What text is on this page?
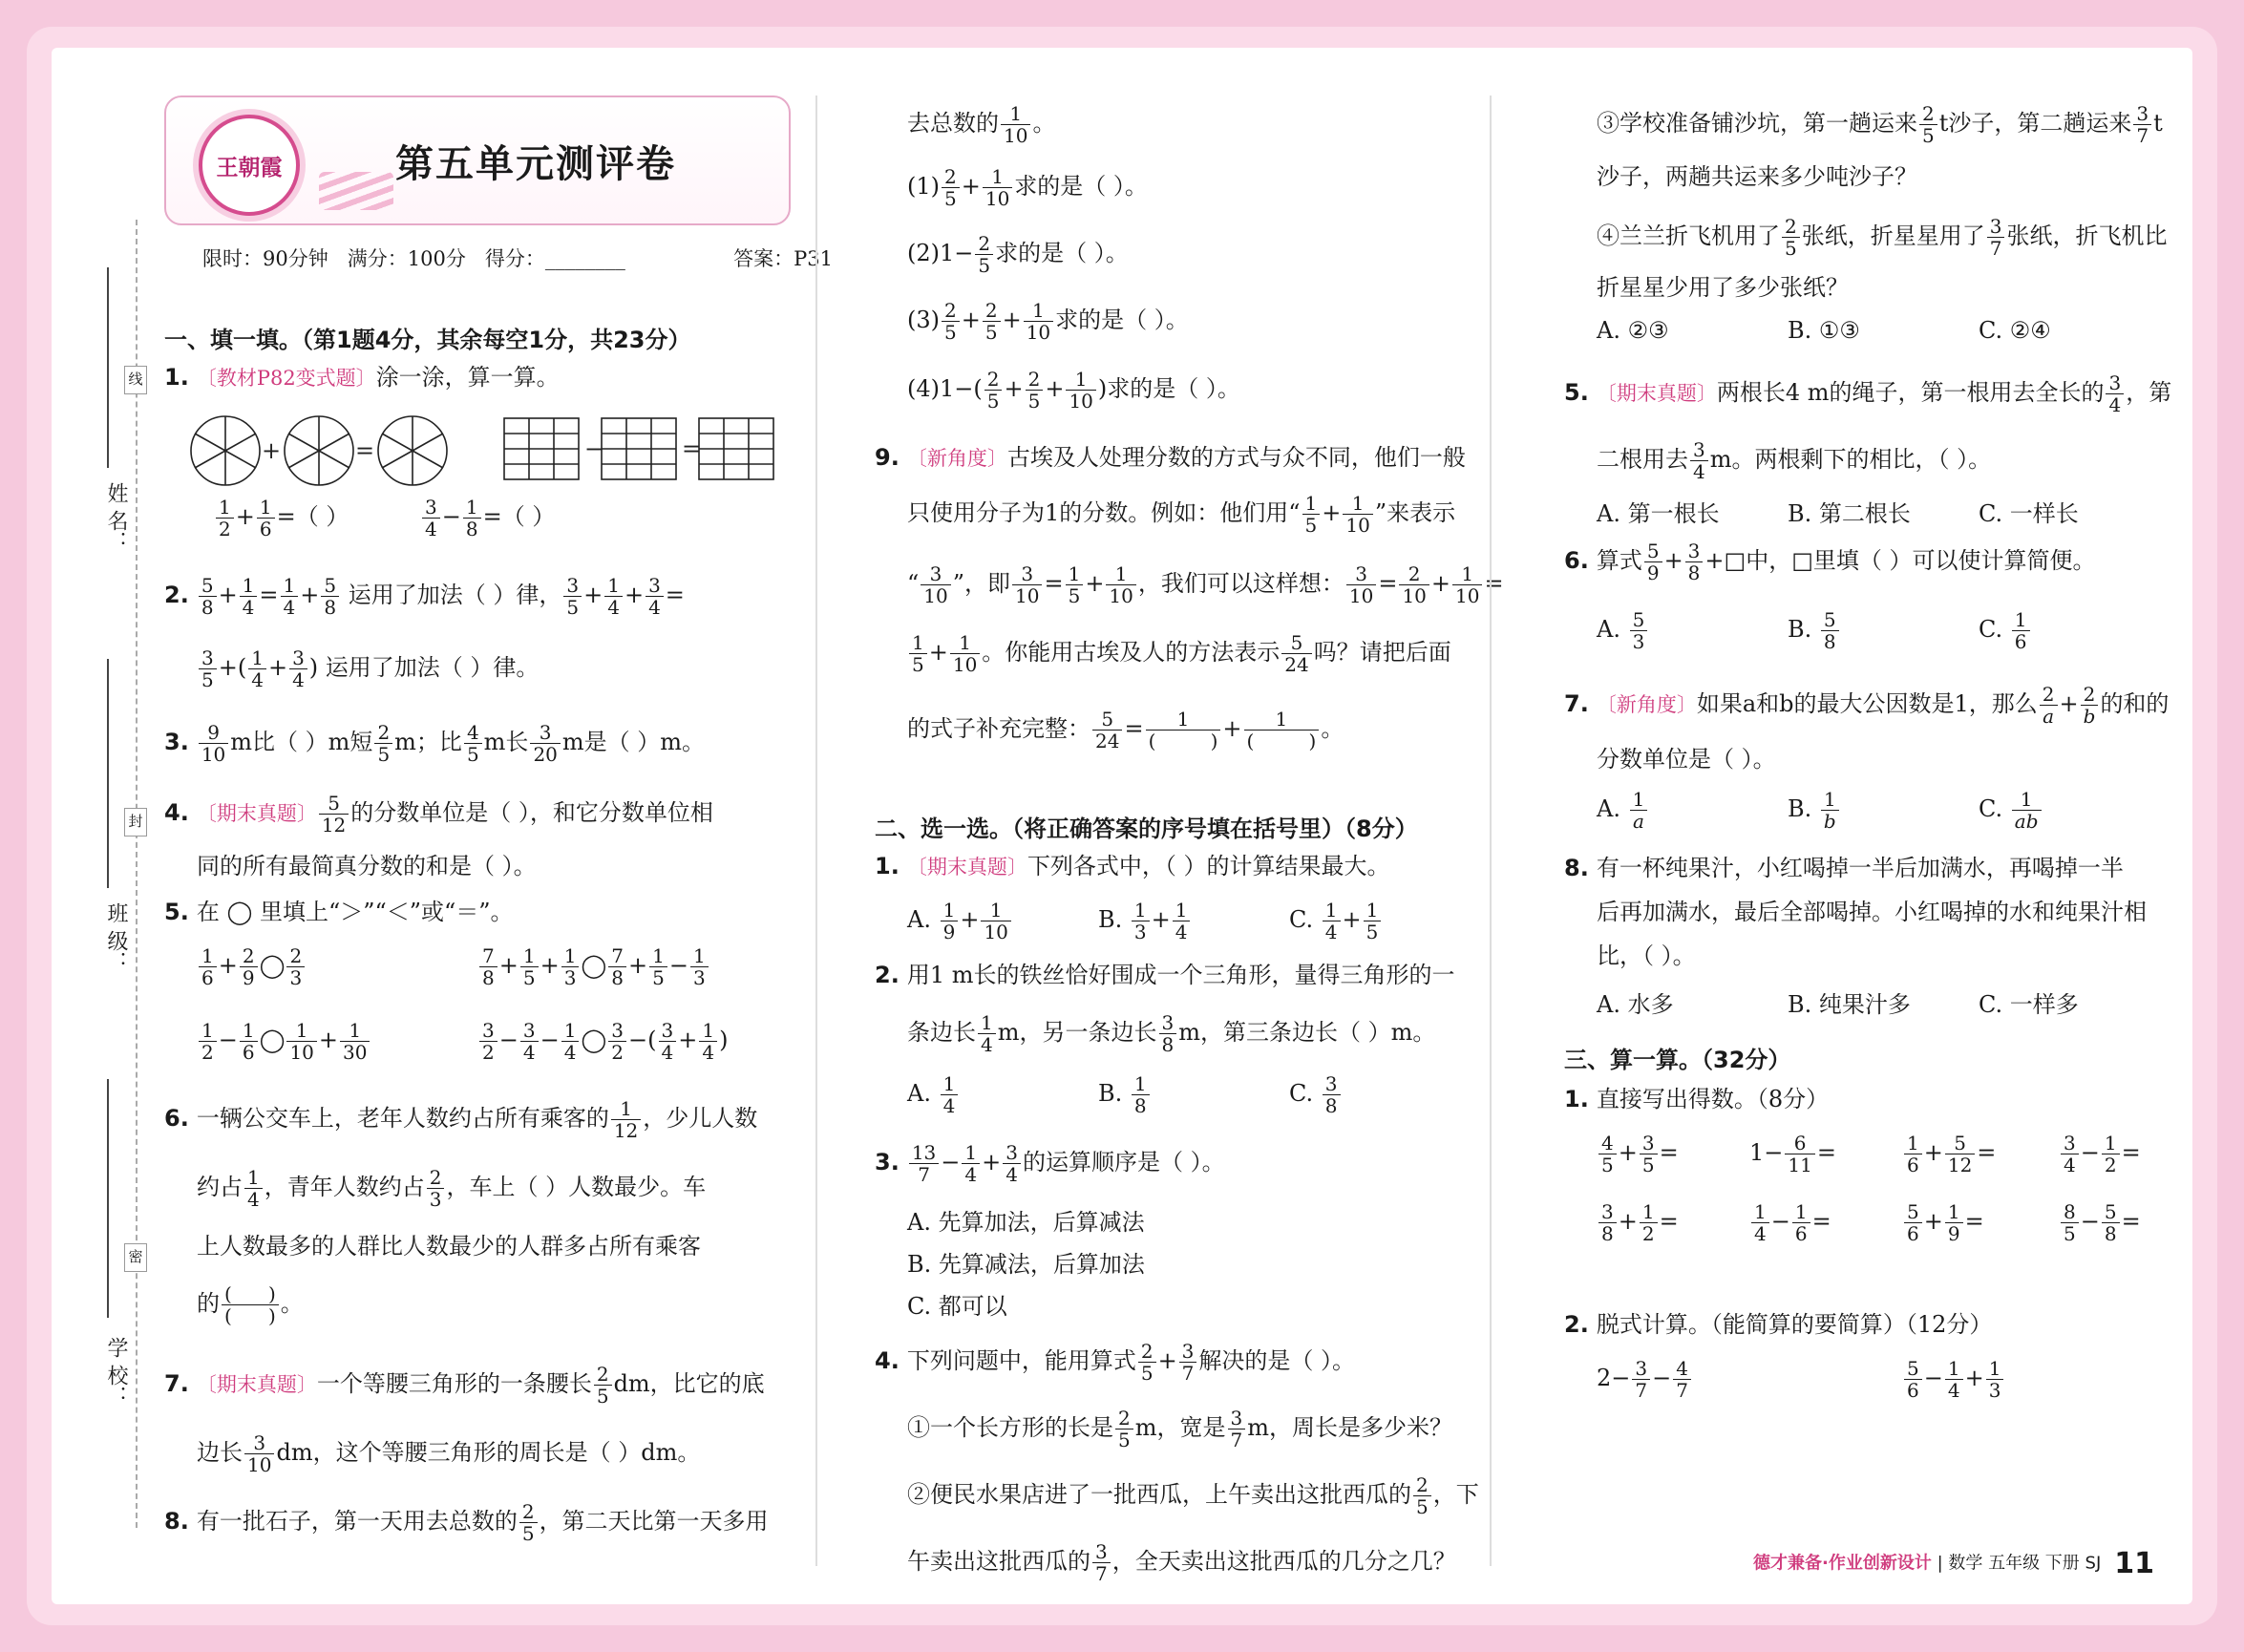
姓 名：
班 级：
学 校：
线
封
密
王朝霞	第五单元测评卷
限时：90分钟   满分：100分   得分：________	答案：P31
一、填一填。（第1题4分，其余每空1分，共23分）
1. 〔教材P82变式题〕涂一涂，算一算。
+	=	−	=
$\frac{1}{2} + \frac{1}{6}$ =（ ）	$\frac{3}{4} - \frac{1}{8}$ =（ ）
2. $\frac{5}{8} + \frac{1}{4} = \frac{1}{4} + \frac{5}{8}$ 运用了加法（ ）律， $\frac{3}{5} + \frac{1}{4} + \frac{3}{4}$ =
$\frac{3}{5}$ +( $\frac{1}{4} + \frac{3}{4}$ ) 运用了加法（ ）律。
3. $\frac{9}{10}$ m比（ ）m短 $\frac{2}{5}$ m；比 $\frac{4}{5}$ m长 $\frac{3}{20}$ m是（ ）m。
4. 〔期末真题〕 $\frac{5}{12}$ 的分数单位是（ ），和它分数单位相
同的所有最简真分数的和是（ ）。
5. 在 ◯ 里填上“＞”“＜”或“＝”。
$\frac{1}{6} + \frac{2}{9}$ ◯ $\frac{2}{3}$	$\frac{7}{8} + \frac{1}{5} + \frac{1}{3}$ ◯ $\frac{7}{8} + \frac{1}{5} - \frac{1}{3}$
$\frac{1}{2} - \frac{1}{6}$ ◯ $\frac{1}{10} + \frac{1}{30}$	$\frac{3}{2} - \frac{3}{4} - \frac{1}{4}$ ◯ $\frac{3}{2}$ −( $\frac{3}{4} + \frac{1}{4}$ )
6. 一辆公交车上，老年人数约占所有乘客的 $\frac{1}{12}$ ，少儿人数
约占 $\frac{1}{4}$ ，青年人数约占 $\frac{2}{3}$ ，车上（ ）人数最少。车
上人数最多的人群比人数最少的人群多占所有乘客
的 (      )
(      ) 。
7. 〔期末真题〕一个等腰三角形的一条腰长 $\frac{2}{5}$ dm，比它的底
边长 $\frac{3}{10}$ dm，这个等腰三角形的周长是（ ）dm。
8. 有一批石子，第一天用去总数的 $\frac{2}{5}$ ，第二天比第一天多用
去总数的 $\frac{1}{10}$ 。
$(1) \frac{2}{5} + \frac{1}{10}$ 求的是（ ）。
$(2)1- \frac{2}{5}$ 求的是（ ）。
$(3) \frac{2}{5} + \frac{2}{5} + \frac{1}{10}$ 求的是（ ）。
$(4)1-( \frac{2}{5} + \frac{2}{5} + \frac{1}{10}$ )求的是（ ）。
9. 〔新角度〕古埃及人处理分数的方式与众不同，他们一般
只使用分子为1的分数。例如：他们用“ $\frac{1}{5} + \frac{1}{10}$ ”来表示
“ $\frac{3}{10}$ ”，即 $\frac{3}{10} = \frac{1}{5} + \frac{1}{10}$ ，我们可以这样想： $\frac{3}{10} = \frac{2}{10} + \frac{1}{10}$ =
$\frac{1}{5} + \frac{1}{10}$ 。你能用古埃及人的方法表示 $\frac{5}{24}$ 吗？请把后面
的式子补充完整： $\frac{5}{24}$ =	1
(         ) +	1
(         ) 。
二、选一选。（将正确答案的序号填在括号里）（8分）
1. 〔期末真题〕下列各式中，（ ）的计算结果最大。
A. $\frac{1}{9} + \frac{1}{10}$	B. $\frac{1}{3} + \frac{1}{4}$	C. $\frac{1}{4} + \frac{1}{5}$
2. 用1 m长的铁丝恰好围成一个三角形，量得三角形的一
条边长 $\frac{1}{4}$ m，另一条边长 $\frac{3}{8}$ m，第三条边长（ ）m。
A. $\frac{1}{4}$	B. $\frac{1}{8}$	C. $\frac{3}{8}$
3. $\frac{13}{7} - \frac{1}{4} + \frac{3}{4}$ 的运算顺序是（ ）。
A. 先算加法，后算减法
B. 先算减法，后算加法
C. 都可以
4. 下列问题中，能用算式 $\frac{2}{5} + \frac{3}{7}$ 解决的是（ ）。
①一个长方形的长是 $\frac{2}{5}$ m，宽是 $\frac{3}{7}$ m，周长是多少米？
②便民水果店进了一批西瓜，上午卖出这批西瓜的 $\frac{2}{5}$ ，下
午卖出这批西瓜的 $\frac{3}{7}$ ，全天卖出这批西瓜的几分之几？
③学校准备铺沙坑，第一趟运来 $\frac{2}{5}$ t沙子，第二趟运来 $\frac{3}{7}$ t
沙子，两趟共运来多少吨沙子？
④兰兰折飞机用了 $\frac{2}{5}$ 张纸，折星星用了 $\frac{3}{7}$ 张纸，折飞机比
折星星少用了多少张纸？
A. ②③	B. ①③	C. ②④
5. 〔期末真题〕两根长4 m的绳子，第一根用去全长的 $\frac{3}{4}$ ，第
二根用去 $\frac{3}{4}$ m。两根剩下的相比，（ ）。
A. 第一根长	B. 第二根长	C. 一样长
6. 算式 $\frac{5}{9} + \frac{3}{8}$ +□中，□里填（ ）可以使计算简便。
A. $\frac{5}{3}$	B. $\frac{5}{8}$	C. $\frac{1}{6}$
7. 〔新角度〕如果a和b的最大公因数是1，那么 $\frac{2}{a} + \frac{2}{b}$ 的和的
分数单位是（ ）。
A. $\frac{1}{a}$	B. $\frac{1}{b}$	C. $\frac{1}{ab}$
8. 有一杯纯果汁，小红喝掉一半后加满水，再喝掉一半
后再加满水，最后全部喝掉。小红喝掉的水和纯果汁相
比，（ ）。
A. 水多	B. 纯果汁多	C. 一样多
三、算一算。（32分）
1. 直接写出得数。（8分）
$\frac{4}{5} + \frac{3}{5}$ =	$1- \frac{6}{11}$ =	$\frac{1}{6} + \frac{5}{12}$ =	$\frac{3}{4} - \frac{1}{2}$ =
$\frac{3}{8} + \frac{1}{2}$ =	$\frac{1}{4} - \frac{1}{6}$ =	$\frac{5}{6} + \frac{1}{9}$ =	$\frac{8}{5} - \frac{5}{8}$ =
2. 脱式计算。（能简算的要简算）（12分）
$2- \frac{3}{7} - \frac{4}{7}$	$\frac{5}{6} - \frac{1}{4} + \frac{1}{3}$
德才兼备·作业创新设计 | 数学 五年级 下册 SJ 11
